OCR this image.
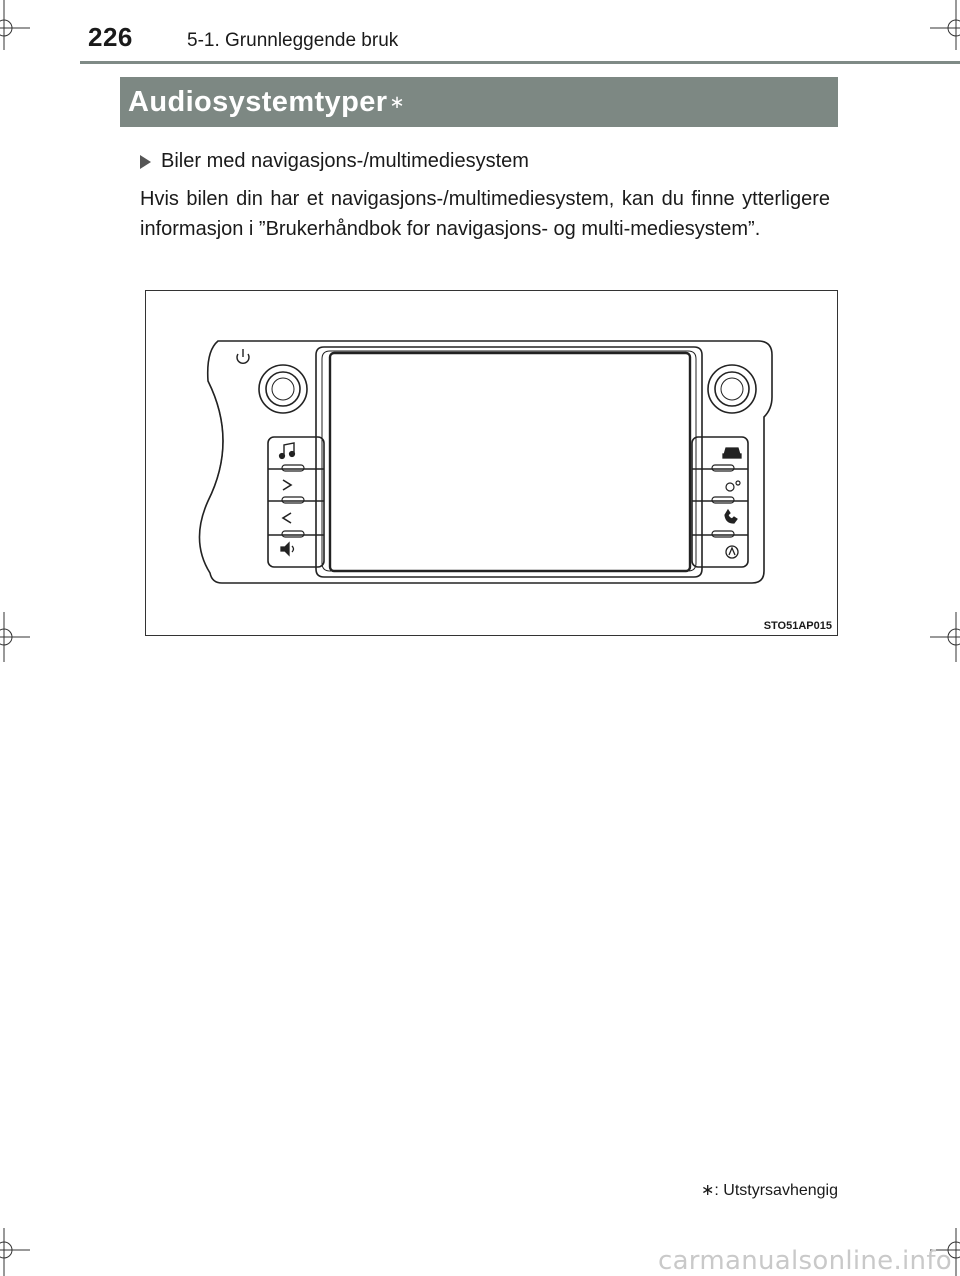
226	5-1. Grunnleggende bruk
Audiosystemtyper ∗
Biler med navigasjons-/multimediesystem
Hvis bilen din har et navigasjons-/multimediesystem, kan du finne ytterligere informasjon i ”Brukerhåndbok for navigasjons- og multi-mediesystem”.
STO51AP015
∗: Utstyrsavhengig
carmanualsonline.info
